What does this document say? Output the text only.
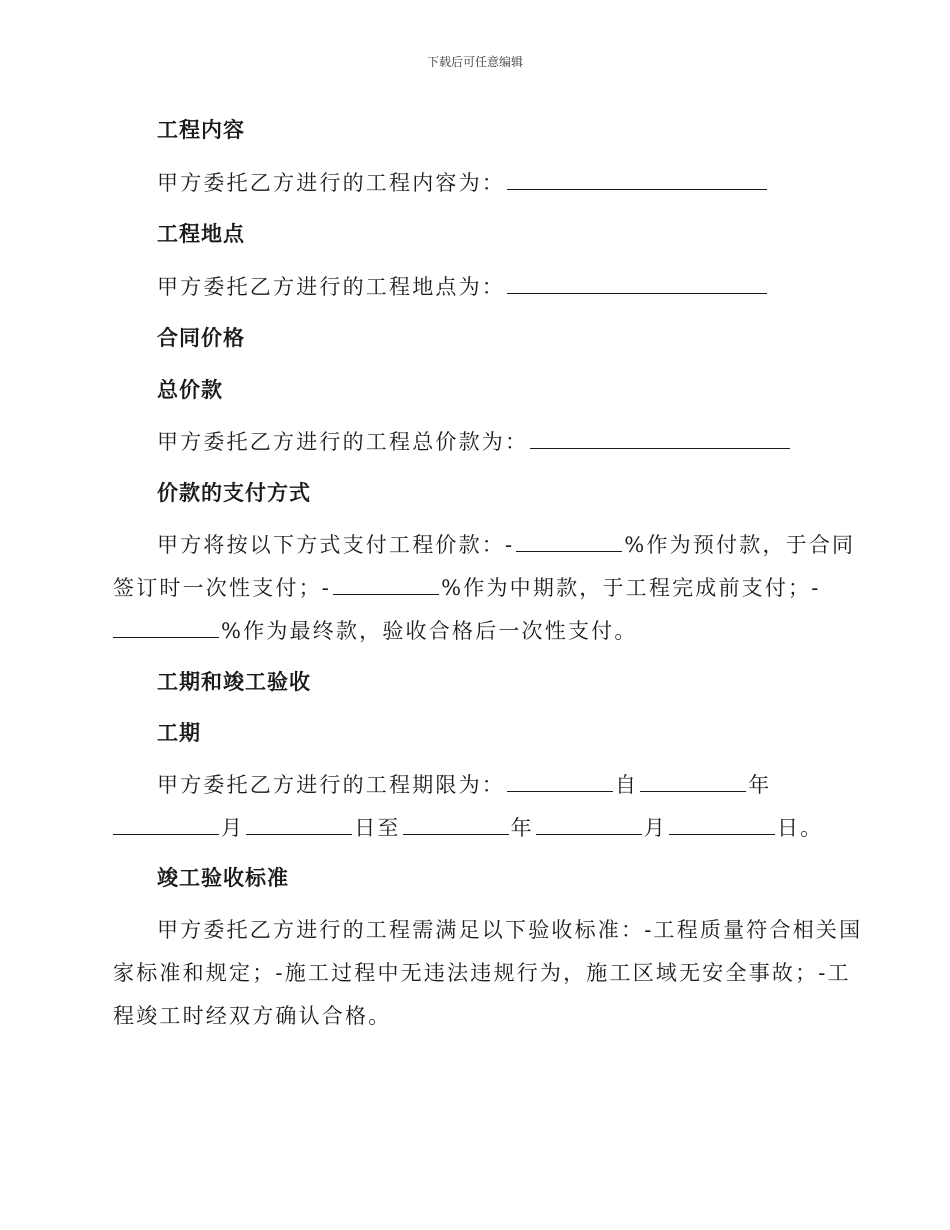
下载后可任意编辑
工程内容
甲方委托乙方进行的工程内容为：
工程地点
甲方委托乙方进行的工程地点为：
合同价格
总价款
甲方委托乙方进行的工程总价款为：
价款的支付方式
甲方将按以下方式支付工程价款：-	%作为预付款，于合同
签订时一次性支付；-	%作为中期款，于工程完成前支付；-
%作为最终款，验收合格后一次性支付。
工期和竣工验收
工期
甲方委托乙方进行的工程期限为：	自	年
月	日至	年	月	日。
竣工验收标准
甲方委托乙方进行的工程需满足以下验收标准：-工程质量符合相关国
家标准和规定；-施工过程中无违法违规行为，施工区域无安全事故；-工
程竣工时经双方确认合格。
